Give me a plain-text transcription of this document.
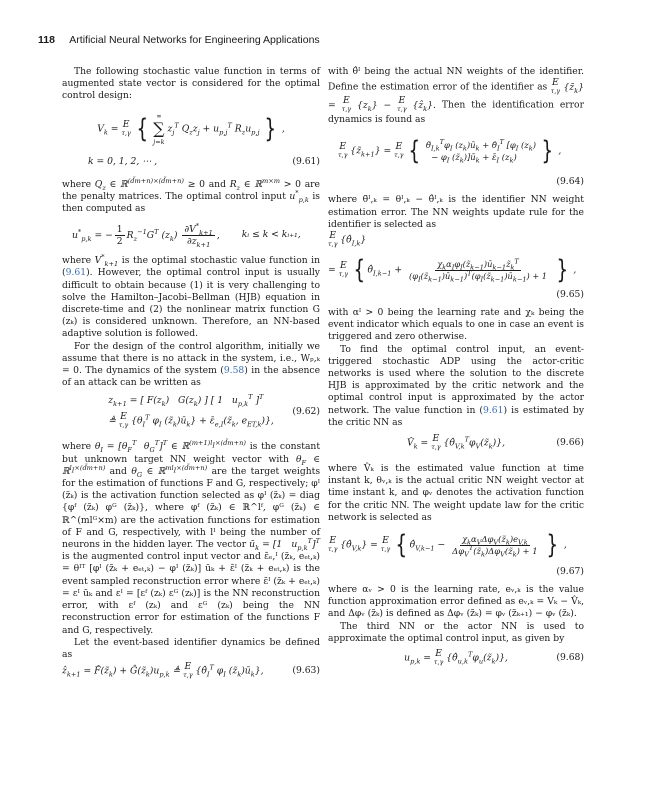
118 Artificial Neural Networks for Engineering Applications

The following stochastic value function in terms of augmented state vector is considered for the optimal control design:

$V_k = E$
τ,γ { ∞
∑
j=k
$z_j^T$ $Q_zz_j + u_{p,j}^T$ $R_zu_{p,j}$ } ,
k = 0, 1, 2, ⋯ ,	(9.61)

where $Q_z$ ∈ ℝ$^{(d̃m+n)\times(d̃m+n)}$ ≥ 0 and $R_z$ ∈ ℝ$^{m\times m}$ > 0 are the penalty matrices. The optimal control input $u^*_{p,k}$ is then computed as

$u^*_{p,k}$ = − $\frac{1}{2} R_z^{-1}G^T$ $(z_k) \frac{\partial V^*_{k+1}}{\partial z_{k+1}}$ , kᵢ ≤ k < kᵢ₊₁,

where $V^*_{k+1}$ is the optimal stochastic value function in (9.61). However, the optimal control input is usually difficult to obtain because (1) it is very challenging to solve the Hamilton–Jacobi–Bellman (HJB) equation in discrete-time and (2) the nonlinear matrix function G (zₖ) is considered unknown. Therefore, an NN-based adaptive solution is followed.

For the design of the control algorithm, initially we assume that there is no attack in the system, i.e., Wₚ,ₖ = 0. The dynamics of the system (9.58) in the absence of an attack can be written as

$z_{k+1}$ = [ $F(z_k)$   $G(z_k)$ ] [ 1   $u_{p,k}^T$ ]$^T$
≜ E
τ,γ {$\theta_I^T$ $\varphi_I$ $(z̃_k)ū_k$} + $\varepsilon̄_{e,I}(z̃_k$, $e_{ET,k}$)},
(9.62)

where $\theta_I = [\theta_F^T$  $\theta_G^T]^T$ ∈ ℝ$^{(m+1)l_I\times(d̃m+n)}$ is the constant but unknown target NN weight vector with $\theta_F$ ∈ ℝ$^{l_I\times(d̃m+n)}$ and $\theta_G$ ∈ ℝ$^{ml_I\times(d̃m+n)}$ are the target weights for the estimation of functions F and G, respectively; φᴵ (z̃ₖ) is the activation function selected as φᴵ (z̃ₖ) = diag {φᶠ (z̃ₖ) φᴳ (z̃ₖ)}, where φᶠ (z̃ₖ) ∈ ℝ^lᶠ, φᴳ (z̃ₖ) ∈ ℝ^(mlᴳ×m) are the activation functions for estimation of F and G, respectively, with lᴵ being the number of neurons in the hidden layer. The vector $ū_k = [1$   $u_{p,k}^T]^T$ is the augmented control input vector and ε̄ₑ,ᴵ (z̃ₖ, eₑₜ,ₖ) = θᴵᵀ [φᴵ (z̃ₖ + eₑₜ,ₖ) − φᴵ (z̃ₖ)] ūₖ + ε̄ᴵ (z̃ₖ + eₑₜ,ₖ) is the event sampled reconstruction error where ε̄ᴵ (z̃ₖ + eₑₜ,ₖ) = εᴵ ūₖ and εᴵ = [εᶠ (zₖ) εᴳ (zₖ)] is the NN reconstruction error, with εᶠ (zₖ) and εᴳ (zₖ) being the NN reconstruction error for estimation of the functions F and G, respectively.

Let the event-based identifier dynamics be defined as

ẑ$_{k+1}$ = $F̂(z̃_k)$ + $Ĝ(z̃_k)u_{p,k}$ ≜ E
τ,γ {$\thetâ_I^T$ $\varphi_I$ $(z̃_k)ū_k$},	(9.63)

with θ̂ᴵ being the actual NN weights of the identifier. Define the estimation error of the identifier as E
τ,γ $\{z̃_k\} = E$
τ,γ $\{z_k\} - E$
τ,γ {ẑ$_k$}. Then the identification error dynamics is found as

E
τ,γ $\{z̃_{k+1}\} = E$
τ,γ { $\thetã_{I,k}^T\varphi_I$ $(z_k)ū_k$ + $\thetâ_I^T$ [$\varphi_I$ $(z_k)$
− $\varphi_I$ $(z̃_k)]ū_k$ + $\varepsilon̄_I$ $(z_k)$ } ,
(9.64)

where θ̃ᴵ,ₖ = θᴵ,ₖ − θ̂ᴵ,ₖ is the identifier NN weight estimation error. The NN weights update rule for the identifier is selected as

E
τ,γ $\{\thetâ_{I,k}\}$
= E
τ,γ { $\thetâ_{I,k-1} + \frac{\chi_k\alpha_I\varphi_I(z̃_{k-1})ū_{k-1}z̃_k^T}{(\varphi_I(z̃_{k-1})ū_{k-1})^T(\varphi_I(z̃_{k-1})ū_{k-1}) + 1}$ } ,
(9.65)

with αᴵ > 0 being the learning rate and χₖ being the event indicator which equals to one in case an event is triggered and zero otherwise.

To find the optimal control input, an event-triggered stochastic ADP using the actor-critic networks is used where the solution to the discrete HJB is approximated by the critic network and the optimal control input is approximated by the actor network. The value function in (9.61) is estimated by the critic NN as

$V̂_k = E$
τ,γ $\{\thetâ_{V,k}^T\varphi_V(z̃_k)\}$,	(9.66)

where V̂ₖ is the estimated value function at time instant k, θᵥ,ₖ is the actual critic NN weight vector at time instant k, and φᵥ denotes the activation function for the critic NN. The weight update law for the critic network is selected as

E
τ,γ $\{\thetâ_{V,k}\} = E$
τ,γ { $\thetâ_{V,k-1} - \frac{\chi_k\alpha_V\Delta\varphi_V(z̃_k)e_{V,k}}{\Delta\varphi_V^T(z̃_k)\Delta\varphi_V(z̃_k) + 1}$ } ,
(9.67)

where αᵥ > 0 is the learning rate, eᵥ,ₖ is the value function approximation error defined as eᵥ,ₖ = Vₖ − V̂ₖ, and Δφᵥ (z̃ₖ) is defined as Δφᵥ (z̃ₖ) = φᵥ (z̃ₖ₊₁) − φᵥ (z̃ₖ).

The third NN or the actor NN is used to approximate the optimal control input, as given by

$u_{p,k} = E$
τ,γ $\{\thetâ_{u,k}^T\varphi_u(z̃_k)\}$,	(9.68)
